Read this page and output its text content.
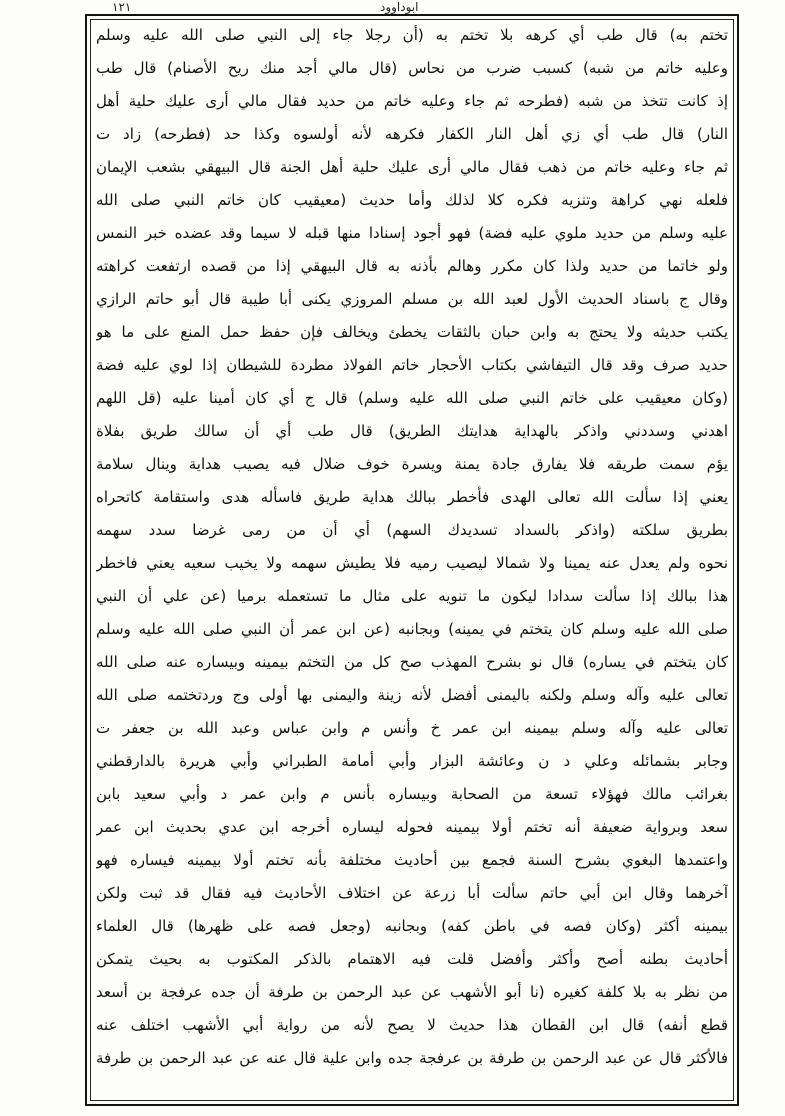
١٢١	ابوداوود
تختم به) قال طب أي كرهه بلا تختم به (أن رجلا جاء إلى النبي صلى الله عليه وسلم
وعليه خاتم من شبه) كسبب ضرب من نحاس (قال مالي أجد منك ريح الأصنام) قال طب
إذ كانت تتخذ من شبه (فطرحه ثم جاء وعليه خاتم من حديد فقال مالي أرى عليك حلية أهل
النار) قال طب أي زي أهل النار الكفار فكرهه لأنه أولسوه وكذا حد (فطرحه) زاد ت
ثم جاء وعليه خاتم من ذهب فقال مالي أرى عليك حلية أهل الجنة قال البيهقي بشعب الإيمان
فلعله نهي كراهة وتنزيه فكره كلا لذلك وأما حديث (معيقيب كان خاتم النبي صلى الله
عليه وسلم من حديد ملوي عليه فضة) فهو أجود إسنادا منها قبله لا سيما وقد عضده خبر النمس
ولو خاتما من حديد ولذا كان مكرر وهالم بأذنه به قال البيهقي إذا من قصده ارتفعت كراهته
وقال ج باسناد الحديث الأول لعبد الله بن مسلم المروزي يكنى أبا طيبة قال أبو حاتم الرازي
يكتب حديثه ولا يحتج به وابن حبان بالثقات يخطئ ويخالف فإن حفظ حمل المنع على ما هو
حديد صرف وقد قال التيفاشي بكتاب الأحجار خاتم الفولاذ مطردة للشيطان إذا لوي عليه فضة
(وكان معيقيب على خاتم النبي صلى الله عليه وسلم) قال ج أي كان أمينا عليه (قل اللهم
اهدني وسددني واذكر بالهداية هدايتك الطريق) قال طب أي أن سالك طريق بفلاة
يؤم سمت طريقه فلا يفارق جادة يمنة ويسرة خوف ضلال فيه يصيب هداية وينال سلامة
يعني إذا سألت الله تعالى الهدى فأخطر ببالك هداية طريق فاسأله هدى واستقامة كاتحراه
بطريق سلكته (واذكر بالسداد تسديدك السهم) أي أن من رمى غرضا سدد سهمه
نحوه ولم يعدل عنه يمينا ولا شمالا ليصيب رميه فلا يطيش سهمه ولا يخيب سعيه يعني فاخطر
هذا ببالك إذا سألت سدادا ليكون ما تنويه على مثال ما تستعمله برميا (عن علي أن النبي
صلى الله عليه وسلم كان يتختم في يمينه) وبجانبه (عن ابن عمر أن النبي صلى الله عليه وسلم
كان يتختم في يساره) قال نو بشرح المهذب صح كل من التختم بيمينه وبيساره عنه صلى الله
تعالى عليه وآله وسلم ولكنه باليمنى أفضل لأنه زينة واليمنى بها أولى وج وردتختمه صلى الله
تعالى عليه وآله وسلم بيمينه ابن عمر خ وأنس م وابن عباس وعبد الله بن جعفر ت
وجابر بشمائله وعلي د ن وعائشة البزار وأبي أمامة الطبراني وأبي هريرة بالدارقطني
بغرائب مالك فهؤلاء تسعة من الصحابة وبيساره بأنس م وابن عمر د وأبي سعيد بابن
سعد وبرواية ضعيفة أنه تختم أولا بيمينه فحوله ليساره أخرجه ابن عدي بحديث ابن عمر
واعتمدها البغوي بشرح السنة فجمع بين أحاديث مختلفة بأنه تختم أولا بيمينه فيساره فهو
آخرهما وقال ابن أبي حاتم سألت أبا زرعة عن اختلاف الأحاديث فيه فقال قد ثبت ولكن
بيمينه أكثر (وكان فصه في باطن كفه) وبجانبه (وجعل فصه على ظهرها) قال العلماء
أحاديث بطنه أصح وأكثر وأفضل قلت فيه الاهتمام بالذكر المكتوب به بحيث يتمكن
من نظر به بلا كلفة كغيره (نا أبو الأشهب عن عبد الرحمن بن طرفة أن جده عرفجة بن أسعد
قطع أنفه) قال ابن القطان هذا حديث لا يصح لأنه من رواية أبي الأشهب اختلف عنه
فالأكثر قال عن عبد الرحمن بن طرفة بن عرفجة جده وابن علية قال عنه عن عبد الرحمن بن طرفة
